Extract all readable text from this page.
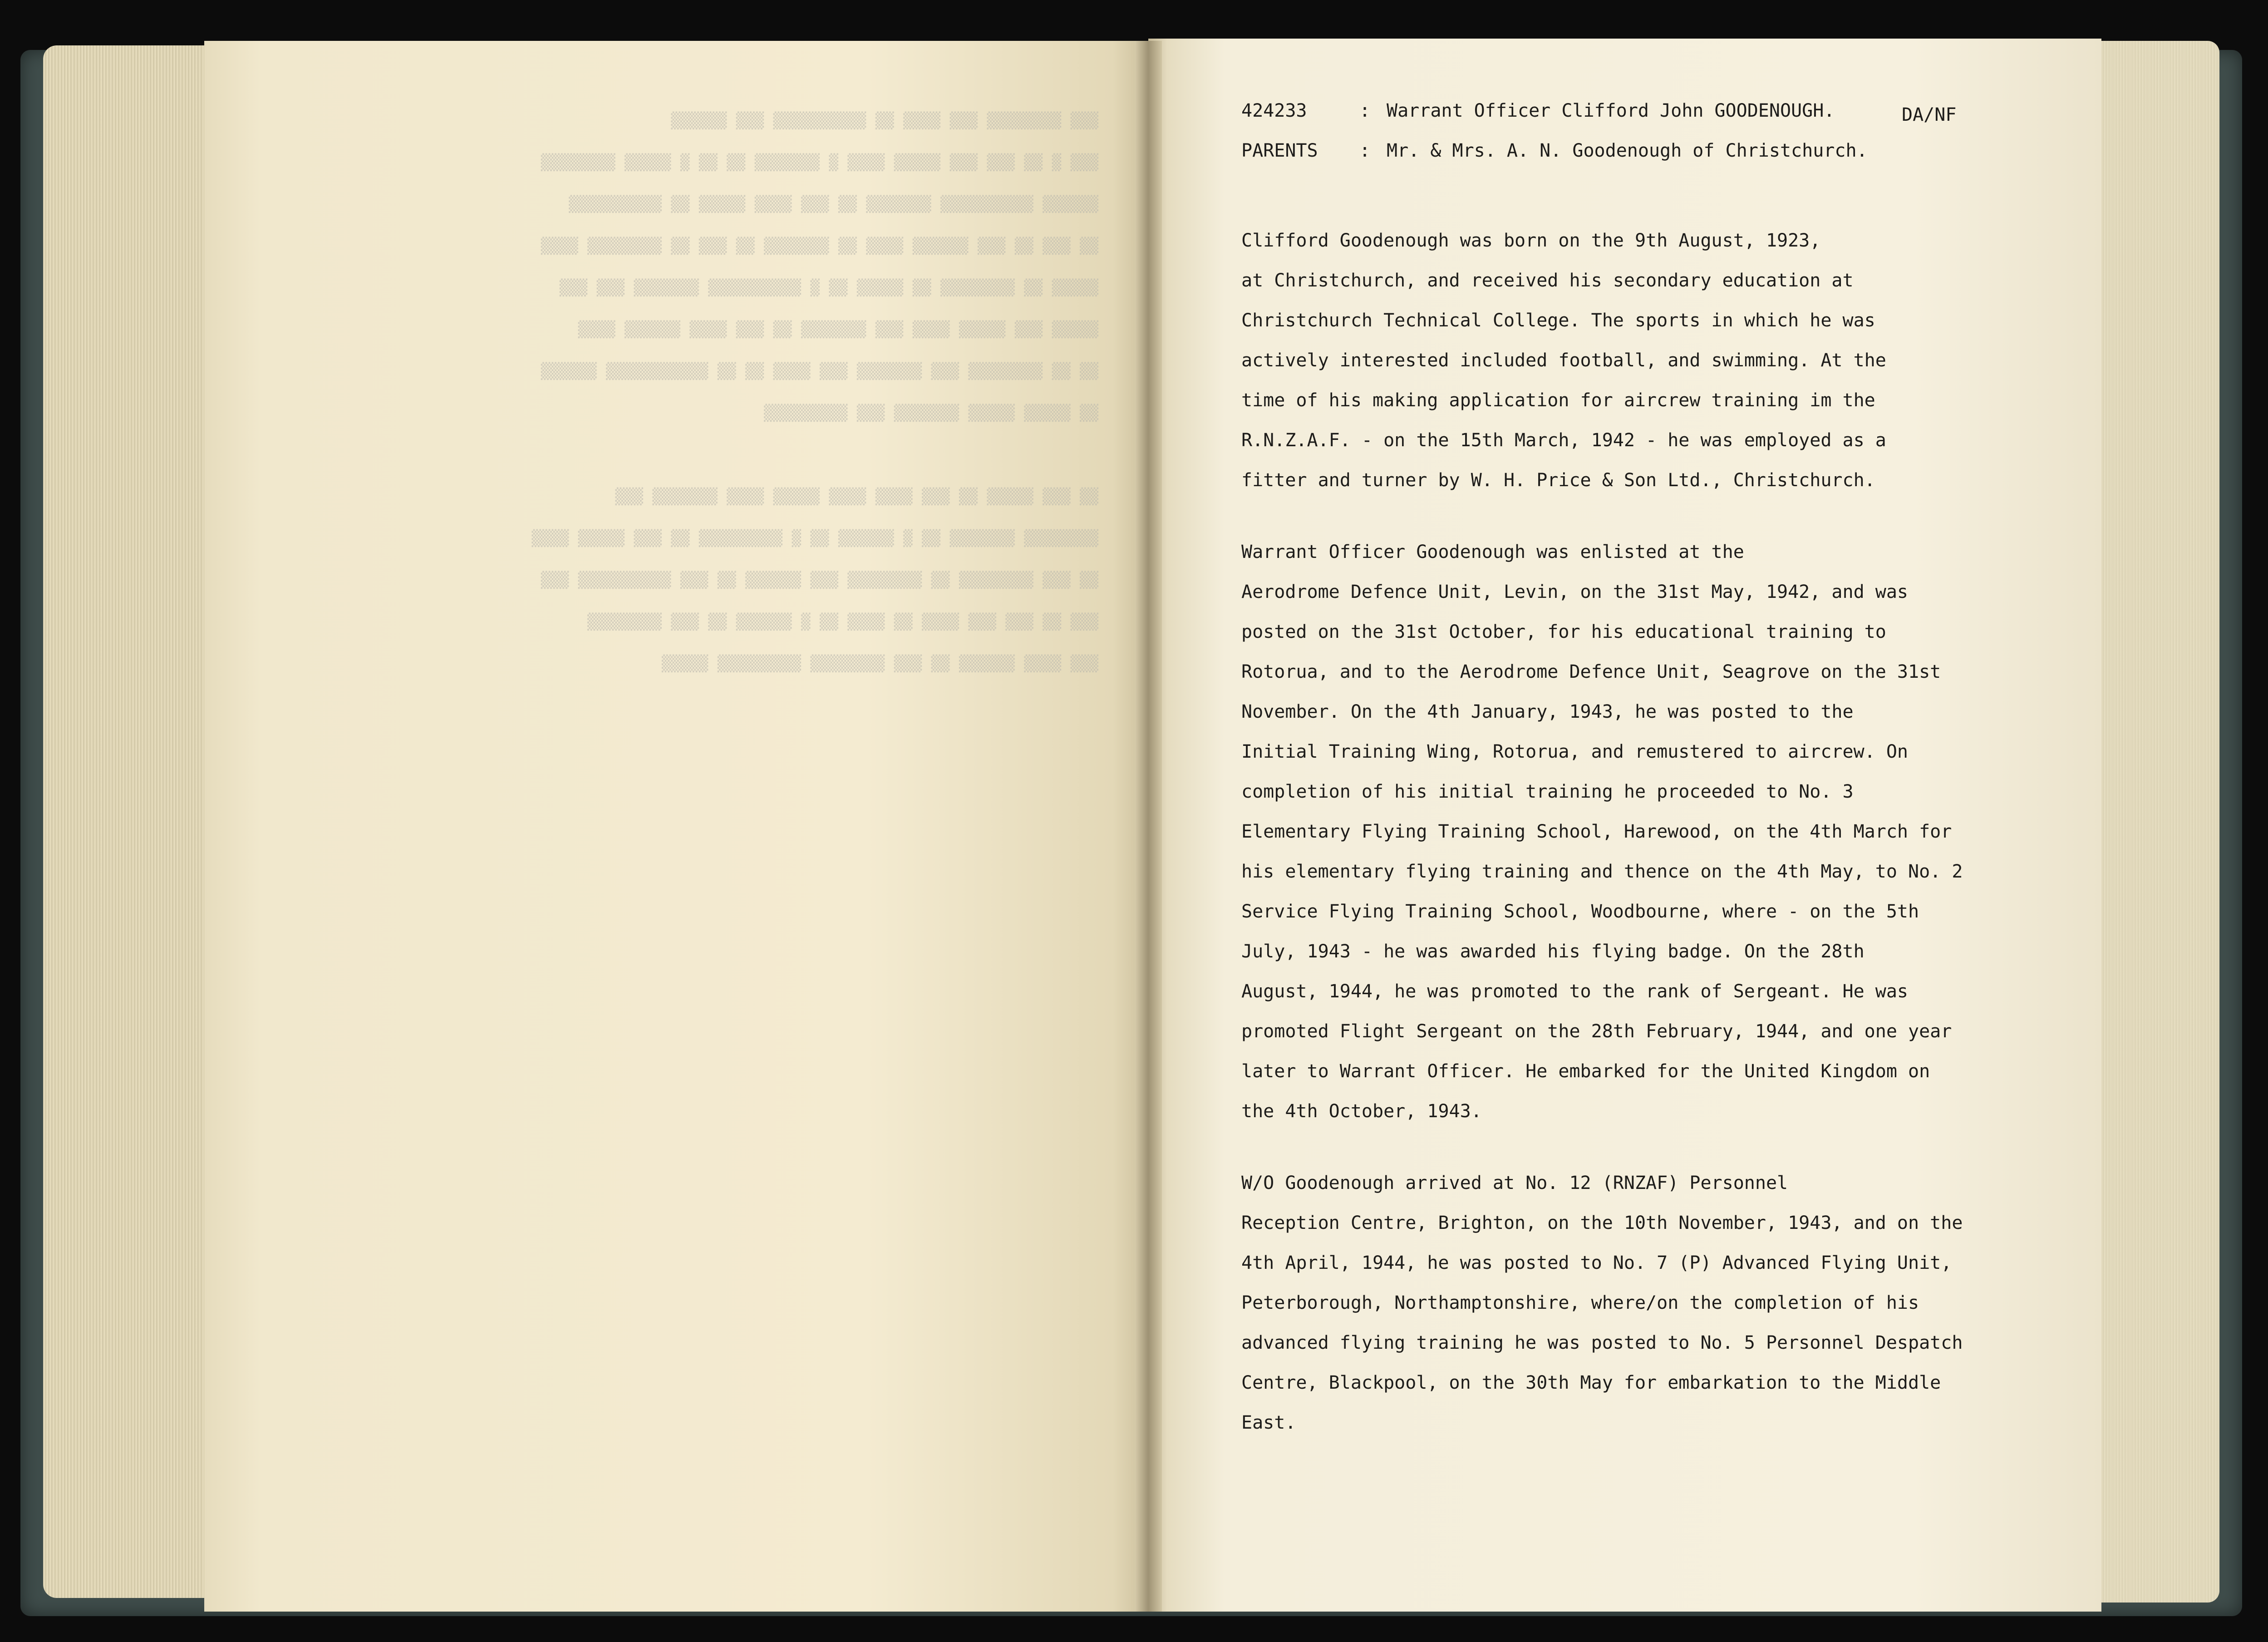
▒▒▒ ▒▒▒▒▒▒▒▒ ▒▒▒ ▒▒▒▒ ▒▒ ▒▒▒▒▒▒▒▒▒▒ ▒▒▒ ▒▒▒▒▒▒
▒▒▒ ▒ ▒▒ ▒▒▒ ▒▒▒ ▒▒▒▒▒ ▒▒▒▒ ▒ ▒▒▒▒▒▒▒ ▒▒ ▒▒ ▒ ▒▒▒▒▒ ▒▒▒▒▒▒▒▒
▒▒▒▒▒▒ ▒▒▒▒▒▒▒▒▒▒ ▒▒▒▒▒▒▒ ▒▒ ▒▒▒ ▒▒▒▒ ▒▒▒▒▒ ▒▒ ▒▒▒▒▒▒▒▒▒▒
▒▒ ▒▒▒ ▒▒ ▒▒▒ ▒▒▒▒▒▒ ▒▒▒▒ ▒▒ ▒▒▒▒▒▒▒ ▒▒ ▒▒▒ ▒▒ ▒▒▒▒▒▒▒▒ ▒▒▒▒
▒▒▒▒▒ ▒▒ ▒▒▒▒▒▒▒▒ ▒▒ ▒▒▒▒▒ ▒▒ ▒ ▒▒▒▒▒▒▒▒▒▒ ▒▒▒▒▒▒▒ ▒▒▒ ▒▒▒
▒▒▒▒▒ ▒▒▒ ▒▒▒▒▒ ▒▒▒▒ ▒▒▒ ▒▒▒▒▒▒▒ ▒▒ ▒▒▒ ▒▒▒▒ ▒▒▒▒▒▒ ▒▒▒▒
▒▒ ▒▒ ▒▒▒▒▒▒▒▒ ▒▒▒ ▒▒▒▒▒▒▒ ▒▒▒ ▒▒▒▒ ▒▒ ▒▒ ▒▒▒▒▒▒▒▒▒▒▒ ▒▒▒▒▒▒
▒▒ ▒▒▒▒▒ ▒▒▒▒▒ ▒▒▒▒▒▒▒ ▒▒▒ ▒▒▒▒▒▒▒▒▒

▒▒ ▒▒▒ ▒▒▒▒▒ ▒▒ ▒▒▒ ▒▒▒▒ ▒▒▒▒ ▒▒▒▒▒ ▒▒▒▒ ▒▒▒▒▒▒▒ ▒▒▒
▒▒▒▒▒▒▒▒ ▒▒▒▒▒▒▒ ▒▒ ▒ ▒▒▒▒▒▒ ▒▒ ▒ ▒▒▒▒▒▒▒▒▒ ▒▒ ▒▒▒ ▒▒▒▒▒ ▒▒▒▒
▒▒ ▒▒▒ ▒▒▒▒▒▒▒▒ ▒▒ ▒▒▒▒▒▒▒▒ ▒▒▒ ▒▒▒▒▒▒ ▒▒ ▒▒▒ ▒▒▒▒▒▒▒▒▒▒ ▒▒▒
▒▒▒ ▒▒ ▒▒▒ ▒▒▒ ▒▒▒▒ ▒▒ ▒▒▒▒ ▒▒ ▒ ▒▒▒▒▒▒ ▒▒ ▒▒▒ ▒▒▒▒▒▒▒▒
▒▒▒ ▒▒▒▒ ▒▒▒▒▒▒ ▒▒ ▒▒▒ ▒▒▒▒▒▒▒▒ ▒▒▒▒▒▒▒▒▒ ▒▒▒▒▒
DA/NF
424233	: Warrant Officer Clifford John GOODENOUGH.
PARENTS : Mr. & Mrs. A. N. Goodenough of Christchurch.
Clifford Goodenough was born on the 9th August, 1923,
at Christchurch, and received his secondary education at
Christchurch Technical College. The sports in which he was
actively interested included football, and swimming. At the
time of his making application for aircrew training im the
R.N.Z.A.F. - on the 15th March, 1942 - he was employed as a
fitter and turner by W. H. Price & Son Ltd., Christchurch.
Warrant Officer Goodenough was enlisted at the
Aerodrome Defence Unit, Levin, on the 31st May, 1942, and was
posted on the 31st October, for his educational training to
Rotorua, and to the Aerodrome Defence Unit, Seagrove on the 31st
November. On the 4th January, 1943, he was posted to the
Initial Training Wing, Rotorua, and remustered to aircrew. On
completion of his initial training he proceeded to No. 3
Elementary Flying Training School, Harewood, on the 4th March for
his elementary flying training and thence on the 4th May, to No. 2
Service Flying Training School, Woodbourne, where - on the 5th
July, 1943 - he was awarded his flying badge. On the 28th
August, 1944, he was promoted to the rank of Sergeant. He was
promoted Flight Sergeant on the 28th February, 1944, and one year
later to Warrant Officer. He embarked for the United Kingdom on
the 4th October, 1943.
W/O Goodenough arrived at No. 12 (RNZAF) Personnel
Reception Centre, Brighton, on the 10th November, 1943, and on the
4th April, 1944, he was posted to No. 7 (P) Advanced Flying Unit,
Peterborough, Northamptonshire, where/on the completion of his
advanced flying training he was posted to No. 5 Personnel Despatch
Centre, Blackpool, on the 30th May for embarkation to the Middle
East.
